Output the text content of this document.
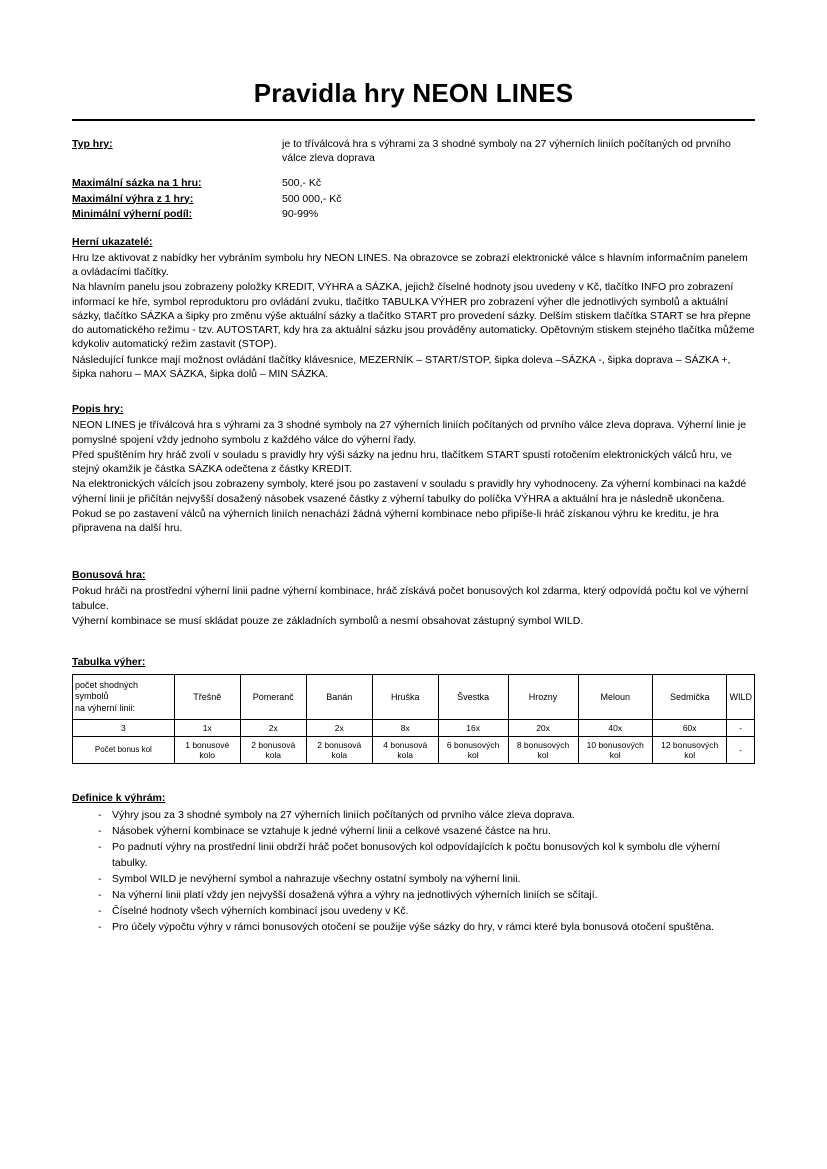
Pravidla hry NEON LINES
Typ hry:	je to tříválcová hra s výhrami za 3 shodné symboly na 27 výherních liniích počítaných od prvního válce zleva doprava

Maximální sázka na 1 hru:	500,- Kč
Maximální výhra z 1 hry:	500 000,- Kč
Minimální výherní podíl:	90-99%
Herní ukazatelé:

Hru lze aktivovat z nabídky her vybráním symbolu hry NEON LINES. Na obrazovce se zobrazí elektronické válce s hlavním informačním panelem a ovládacími tlačítky.

Na hlavním panelu jsou zobrazeny položky KREDIT, VÝHRA a SÁZKA, jejichž číselné hodnoty jsou uvedeny v Kč, tlačítko INFO pro zobrazení informací ke hře, symbol reproduktoru pro ovládání zvuku, tlačítko TABULKA VÝHER pro zobrazení výher dle jednotlivých symbolů a aktuální sázky, tlačítko SÁZKA a šipky pro změnu výše aktuální sázky a tlačítko START pro provedení sázky. Delším stiskem tlačítka START se hra přepne do automatického režimu - tzv. AUTOSTART, kdy hra za aktuální sázku jsou prováděny automaticky. Opětovným stiskem stejného tlačítka můžeme kdykoliv automatický režim zastavit (STOP).

Následující funkce mají možnost ovládání tlačítky klávesnice, MEZERNÍK – START/STOP, šipka doleva –SÁZKA -, šipka doprava – SÁZKA +, šipka nahoru – MAX SÁZKA, šipka dolů – MIN SÁZKA.

Popis hry:

NEON LINES je tříválcová hra s výhrami za 3 shodné symboly na 27 výherních liniích počítaných od prvního válce zleva doprava. Výherní linie je pomyslné spojení vždy jednoho symbolu z každého válce do výherní řady.

Před spuštěním hry hráč zvolí v souladu s pravidly hry výši sázky na jednu hru, tlačítkem START spustí rotočením elektronických válců hru, ve stejný okamžik je částka SÁZKA odečtena z částky KREDIT.

Na elektronických válcích jsou zobrazeny symboly, které jsou po zastavení v souladu s pravidly hry vyhodnoceny. Za výherní kombinaci na každé výherní linii je přičítán nejvyšší dosažený násobek vsazené částky z výherní tabulky do políčka VÝHRA a aktuální hra je následně ukončena.

Pokud se po zastavení válců na výherních liniích nenachází žádná výherní kombinace nebo připíše-li hráč získanou výhru ke kreditu, je hra připravena na další hru.

Bonusová hra:

Pokud hráči na prostřední výherní linii padne výherní kombinace, hráč získává počet bonusových kol zdarma, který odpovídá počtu kol ve výherní tabulce.

Výherní kombinace se musí skládat pouze ze základních symbolů a nesmí obsahovat zástupný symbol WILD.

Tabulka výher:
počet shodných symbolů
na výherní linii:	Třešně	Pomeranč	Banán	Hruška	Švestka	Hrozny	Meloun	Sedmička	WILD
3	1x	2x	2x	8x	16x	20x	40x	60x	-
Počet bonus kol	1 bonusové kolo	2 bonusová kola	2 bonusová kola	4 bonusová kola	6 bonusových kol	8 bonusových kol	10 bonusových kol	12 bonusových kol	-
Definice k výhrám:
- Výhry jsou za 3 shodné symboly na 27 výherních liniích počítaných od prvního válce zleva doprava.
- Násobek výherní kombinace se vztahuje k jedné výherní linii a celkové vsazené částce na hru.
- Po padnutí výhry na prostřední linii obdrží hráč počet bonusových kol odpovídajících k počtu bonusových kol k symbolu dle výherní tabulky.
- Symbol WILD je nevýherní symbol a nahrazuje všechny ostatní symboly na výherní linii.
- Na výherní linii platí vždy jen nejvyšší dosažená výhra a výhry na jednotlivých výherních liniích se sčítají.
- Číselné hodnoty všech výherních kombinací jsou uvedeny v Kč.
- Pro účely výpočtu výhry v rámci bonusových otočení se použije výše sázky do hry, v rámci které byla bonusová otočení spuštěna.
